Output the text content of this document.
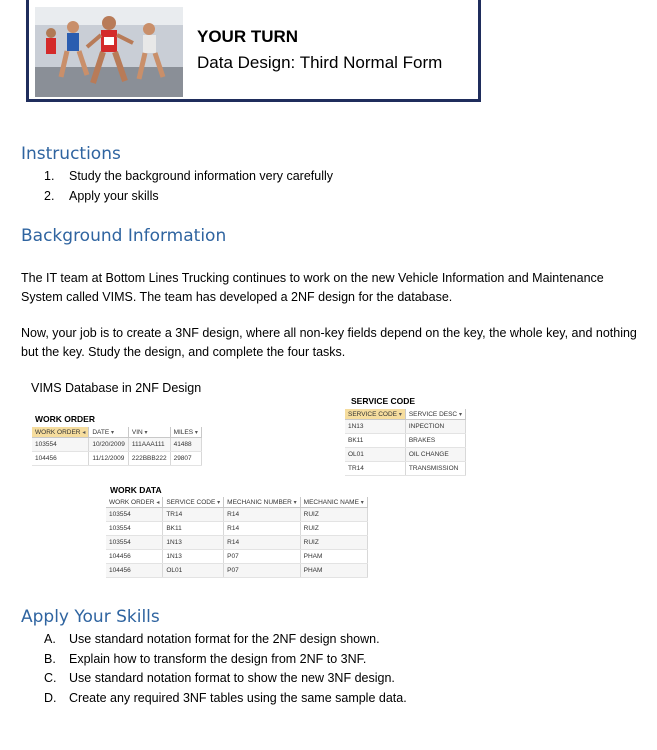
YOUR TURN
Data Design: Third Normal Form
Instructions
1.	Study the background information very carefully
2.	Apply your skills
Background Information

The IT team at Bottom Lines Trucking continues to work on the new Vehicle Information and Maintenance System called VIMS. The team has developed a 2NF design for the database.

Now, your job is to create a 3NF design, where all non-key fields depend on the key, the whole key, and nothing but the key. Study the design, and complete the four tasks.

VIMS Database in 2NF Design
WORK ORDER
WORK ORDER ◂	DATE ▾	VIN ▾	MILES ▾
103554	10/20/2009	111AAA111	41488
104456	11/12/2009	222BBB222	29807
SERVICE CODE
SERVICE CODE ▾	SERVICE DESC ▾
1N13	INPECTION
BK11	BRAKES
OL01	OIL CHANGE
TR14	TRANSMISSION
WORK DATA
WORK ORDER ◂	SERVICE CODE ▾	MECHANIC NUMBER ▾	MECHANIC NAME ▾
103554	TR14	R14	RUIZ
103554	BK11	R14	RUIZ
103554	1N13	R14	RUIZ
104456	1N13	P07	PHAM
104456	OL01	P07	PHAM
Apply Your Skills
A.	Use standard notation format for the 2NF design shown.
B.	Explain how to transform the design from 2NF to 3NF.
C.	Use standard notation format to show the new 3NF design.
D.	Create any required 3NF tables using the same sample data.
